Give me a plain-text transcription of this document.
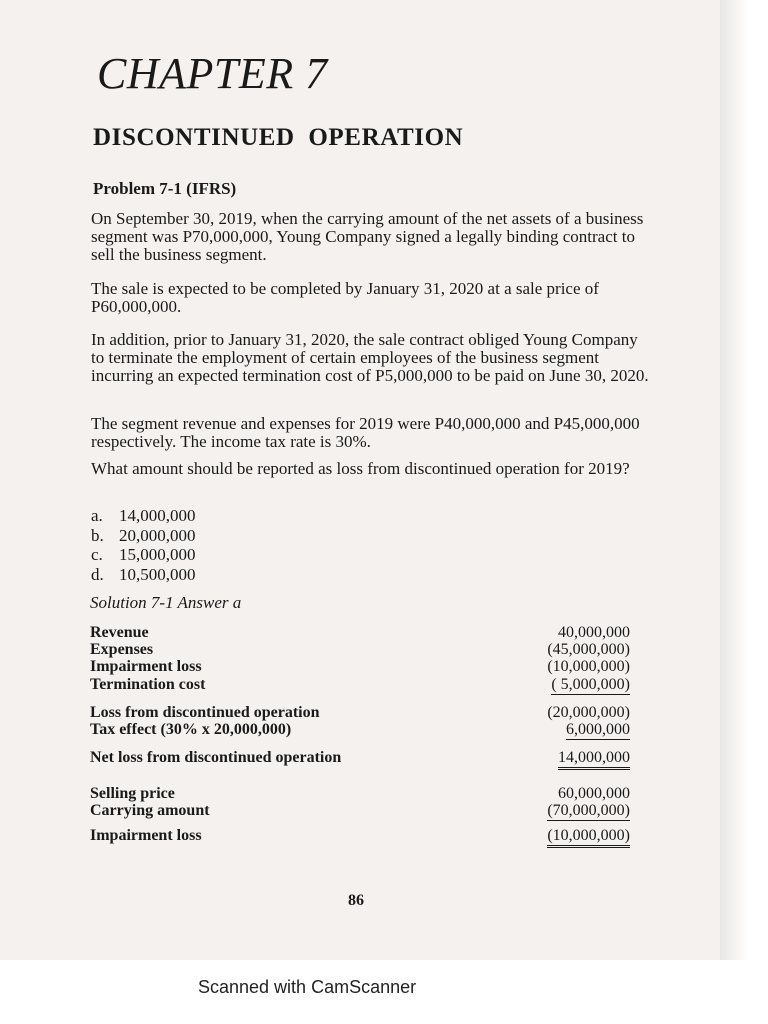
CHAPTER 7
DISCONTINUED  OPERATION
Problem 7-1 (IFRS)

On September 30, 2019, when the carrying amount of the net assets of a business segment was P70,000,000, Young Company signed a legally binding contract to sell the business segment.

The sale is expected to be completed by January 31, 2020 at a sale price of P60,000,000.

In addition, prior to January 31, 2020, the sale contract obliged Young Company to terminate the employment of certain employees of the business segment incurring an expected termination cost of P5,000,000 to be paid on June 30, 2020.

The segment revenue and expenses for 2019 were P40,000,000 and P45,000,000 respectively. The income tax rate is 30%.

What amount should be reported as loss from discontinued operation for 2019?
a. 14,000,000
b. 20,000,000
c. 15,000,000
d. 10,500,000
Solution 7-1 Answer a
Revenue	40,000,000
Expenses	(45,000,000)
Impairment loss	(10,000,000)
Termination cost	( 5,000,000)
Loss from discontinued operation	(20,000,000)
Tax effect (30% x 20,000,000)	6,000,000
Net loss from discontinued operation	14,000,000
Selling price	60,000,000
Carrying amount	(70,000,000)
Impairment loss	(10,000,000)
86
Scanned with CamScanner
